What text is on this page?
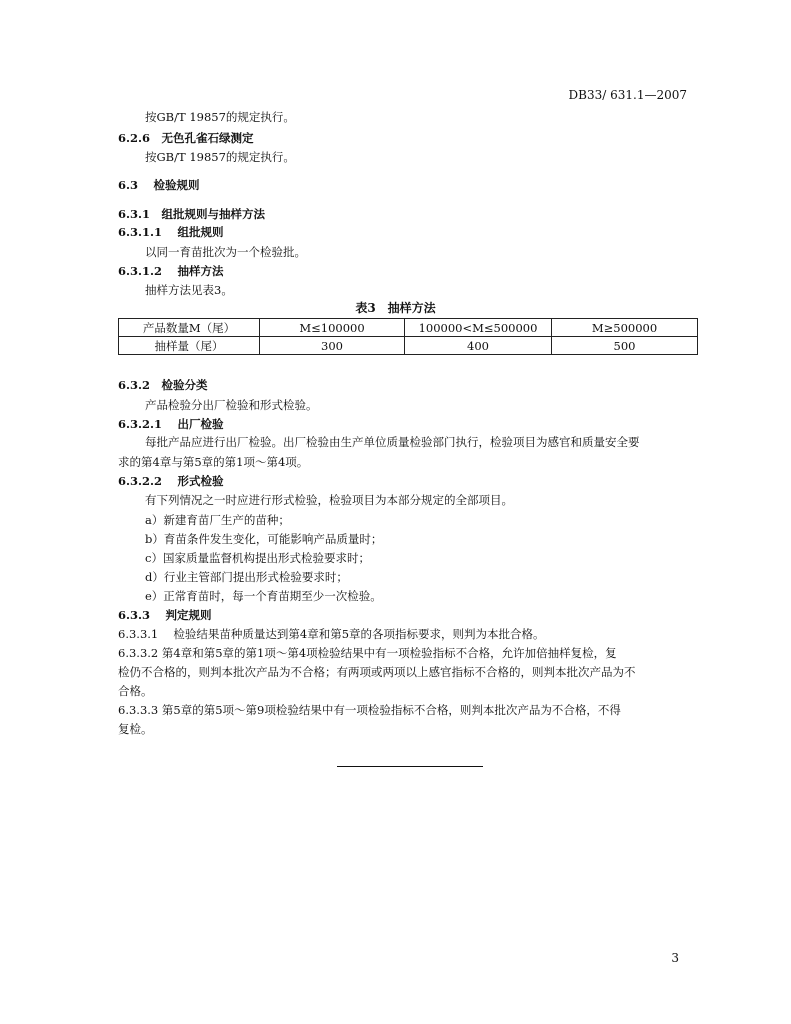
DB33/ 631.1—2007
按GB/T 19857的规定执行。
6.2.6　无色孔雀石绿测定
按GB/T 19857的规定执行。
6.3　 检验规则
6.3.1　组批规则与抽样方法
6.3.1.1　 组批规则
以同一育苗批次为一个检验批。
6.3.1.2　 抽样方法
抽样方法见表3。
表3　抽样方法
产品数量M（尾）	M≤100000	100000<M≤500000	M≥500000
抽样量（尾）	300	400	500
6.3.2　检验分类
产品检验分出厂检验和形式检验。
6.3.2.1　 出厂检验
每批产品应进行出厂检验。出厂检验由生产单位质量检验部门执行，检验项目为感官和质量安全要
求的第4章与第5章的第1项～第4项。
6.3.2.2　 形式检验
有下列情况之一时应进行形式检验，检验项目为本部分规定的全部项目。
a）新建育苗厂生产的苗种；
b）育苗条件发生变化，可能影响产品质量时；
c）国家质量监督机构提出形式检验要求时；
d）行业主管部门提出形式检验要求时；
e）正常育苗时，每一个育苗期至少一次检验。
6.3.3　 判定规则
6.3.3.1　 检验结果苗种质量达到第4章和第5章的各项指标要求，则判为本批合格。
6.3.3.2 第4章和第5章的第1项～第4项检验结果中有一项检验指标不合格，允许加倍抽样复检，复
检仍不合格的，则判本批次产品为不合格；有两项或两项以上感官指标不合格的，则判本批次产品为不
合格。
6.3.3.3 第5章的第5项～第9项检验结果中有一项检验指标不合格，则判本批次产品为不合格，不得
复检。
3
